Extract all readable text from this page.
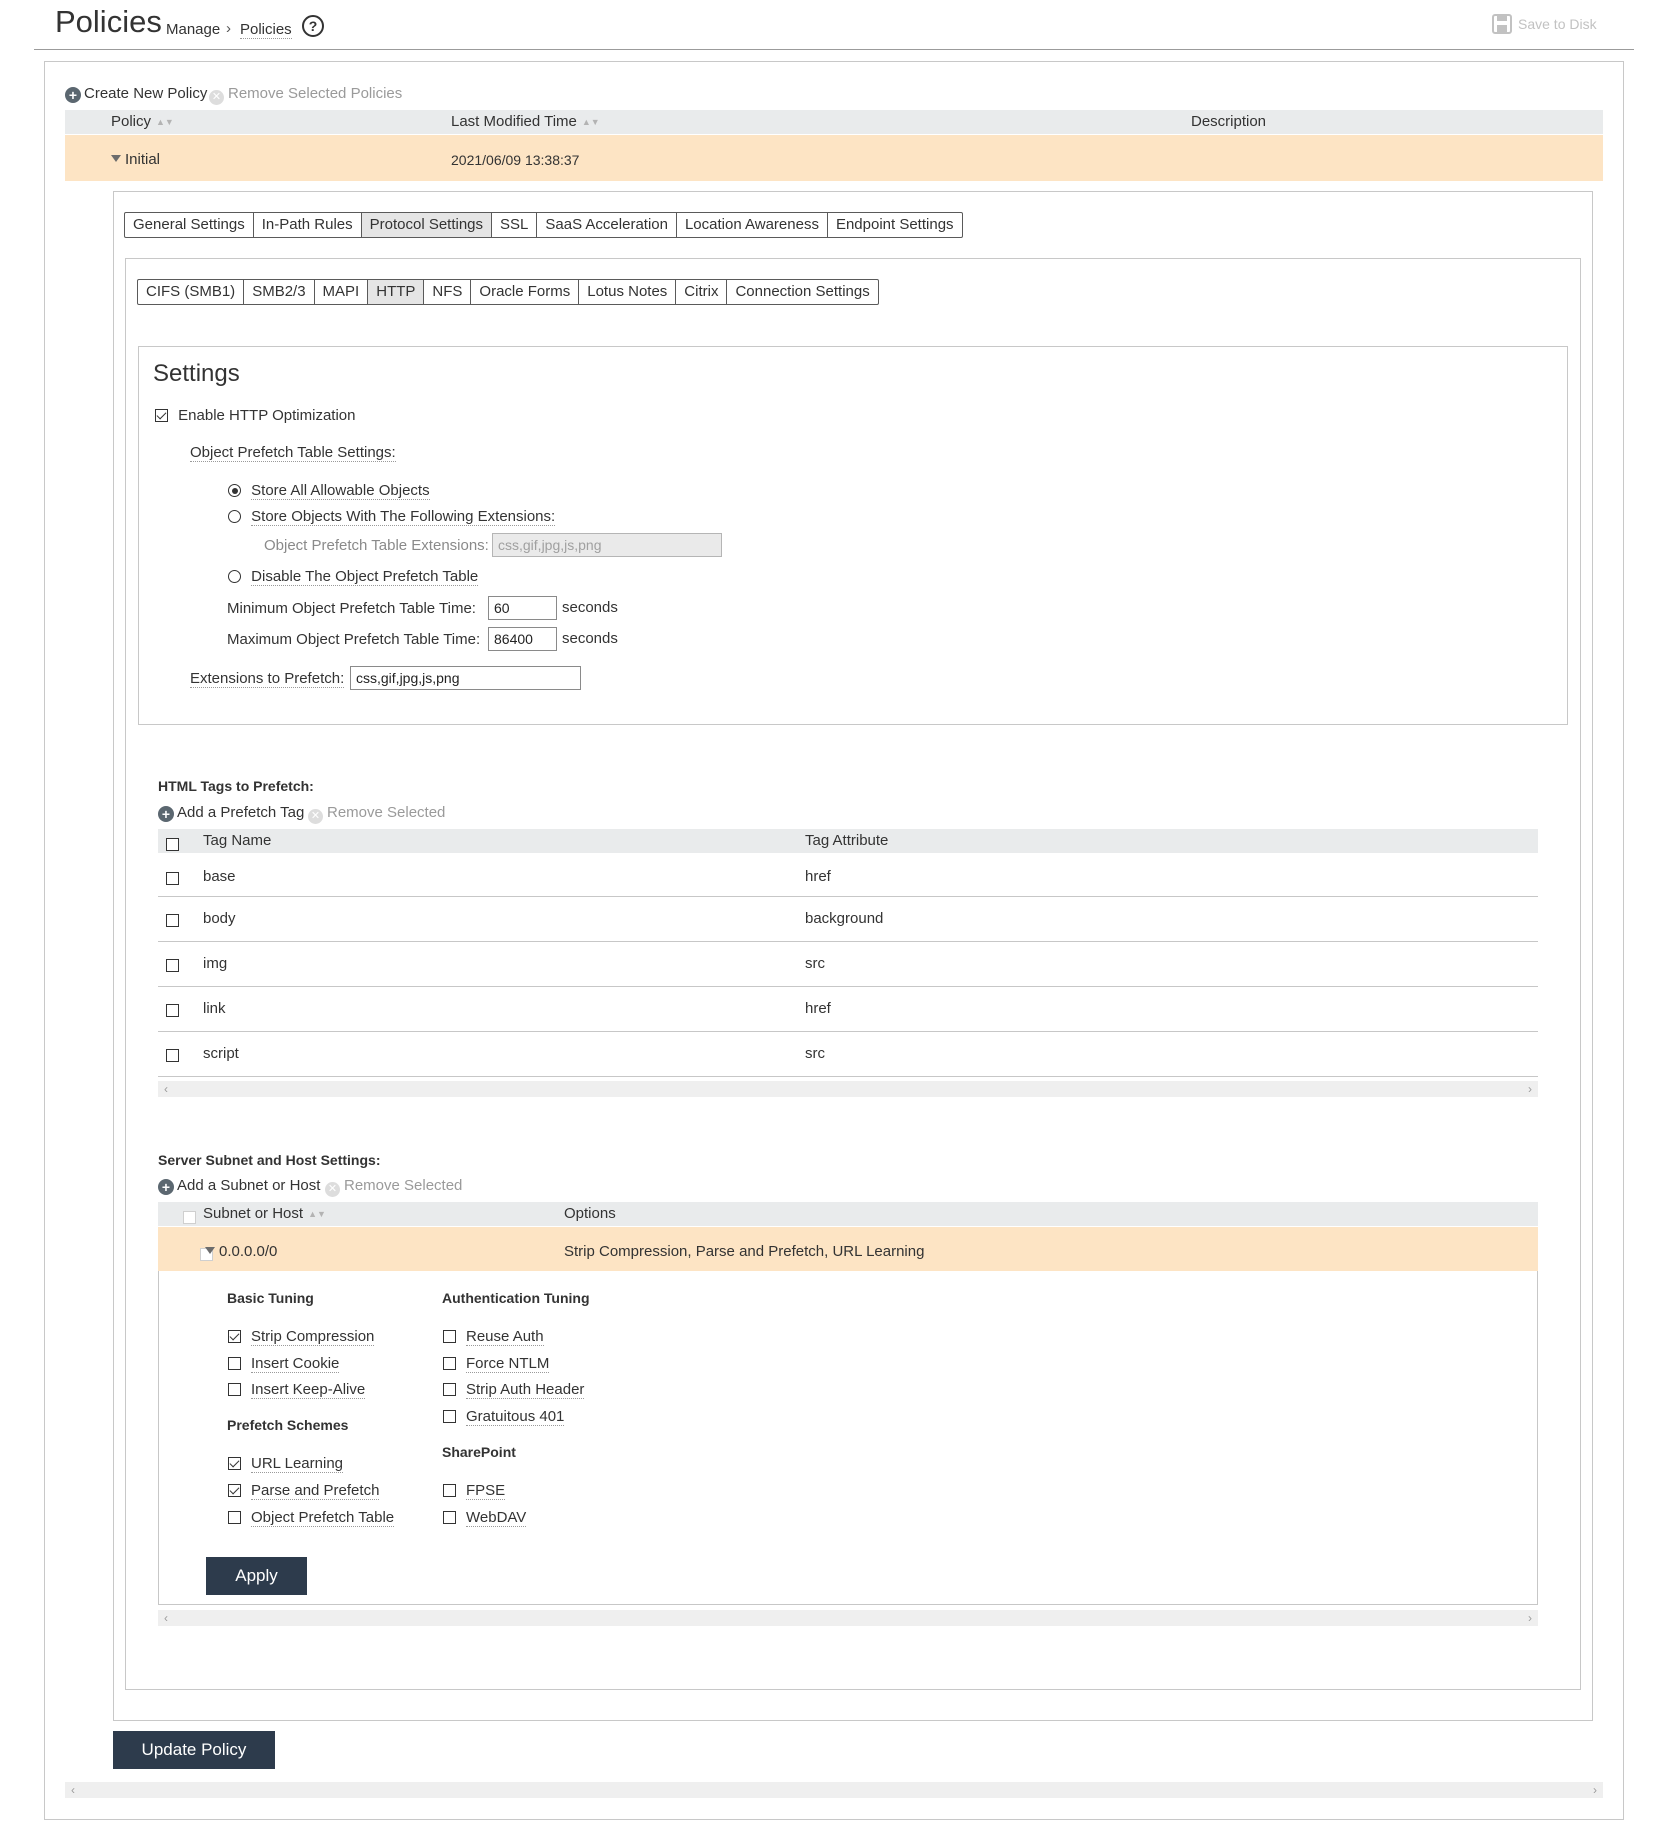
Policies Manage › Policies	?	Save to Disk
+ Create New Policy ✕ Remove Selected Policies
Policy ▲▼	Last Modified Time ▲▼	Description
Initial	2021/06/09 13:38:37
General Settings	In-Path Rules	Protocol Settings	SSL	SaaS Acceleration	Location Awareness	Endpoint Settings
CIFS (SMB1)	SMB2/3	MAPI	HTTP	NFS	Oracle Forms	Lotus Notes	Citrix	Connection Settings
Settings
Enable HTTP Optimization
Object Prefetch Table Settings:
Store All Allowable Objects
Store Objects With The Following Extensions:
Object Prefetch Table Extensions:
css,gif,jpg,js,png
Disable The Object Prefetch Table
Minimum Object Prefetch Table Time:
60	seconds
Maximum Object Prefetch Table Time:
86400	seconds
Extensions to Prefetch:
css,gif,jpg,js,png
HTML Tags to Prefetch:
+ Add a Prefetch Tag ✕ Remove Selected

Tag Name	Tag Attribute
base	href
body	background
img	src
link	href
script	src
‹	›
Server Subnet and Host Settings:
+ Add a Subnet or Host ✕ Remove Selected

Subnet or Host ▲▼	Options
0.0.0.0/0	Strip Compression, Parse and Prefetch, URL Learning
Basic Tuning
Strip Compression
Insert Cookie
Insert Keep-Alive
Prefetch Schemes
URL Learning
Parse and Prefetch
Object Prefetch Table
Authentication Tuning
Reuse Auth
Force NTLM
Strip Auth Header
Gratuitous 401
SharePoint
FPSE
WebDAV
Apply
‹	›
Update Policy
‹	›
